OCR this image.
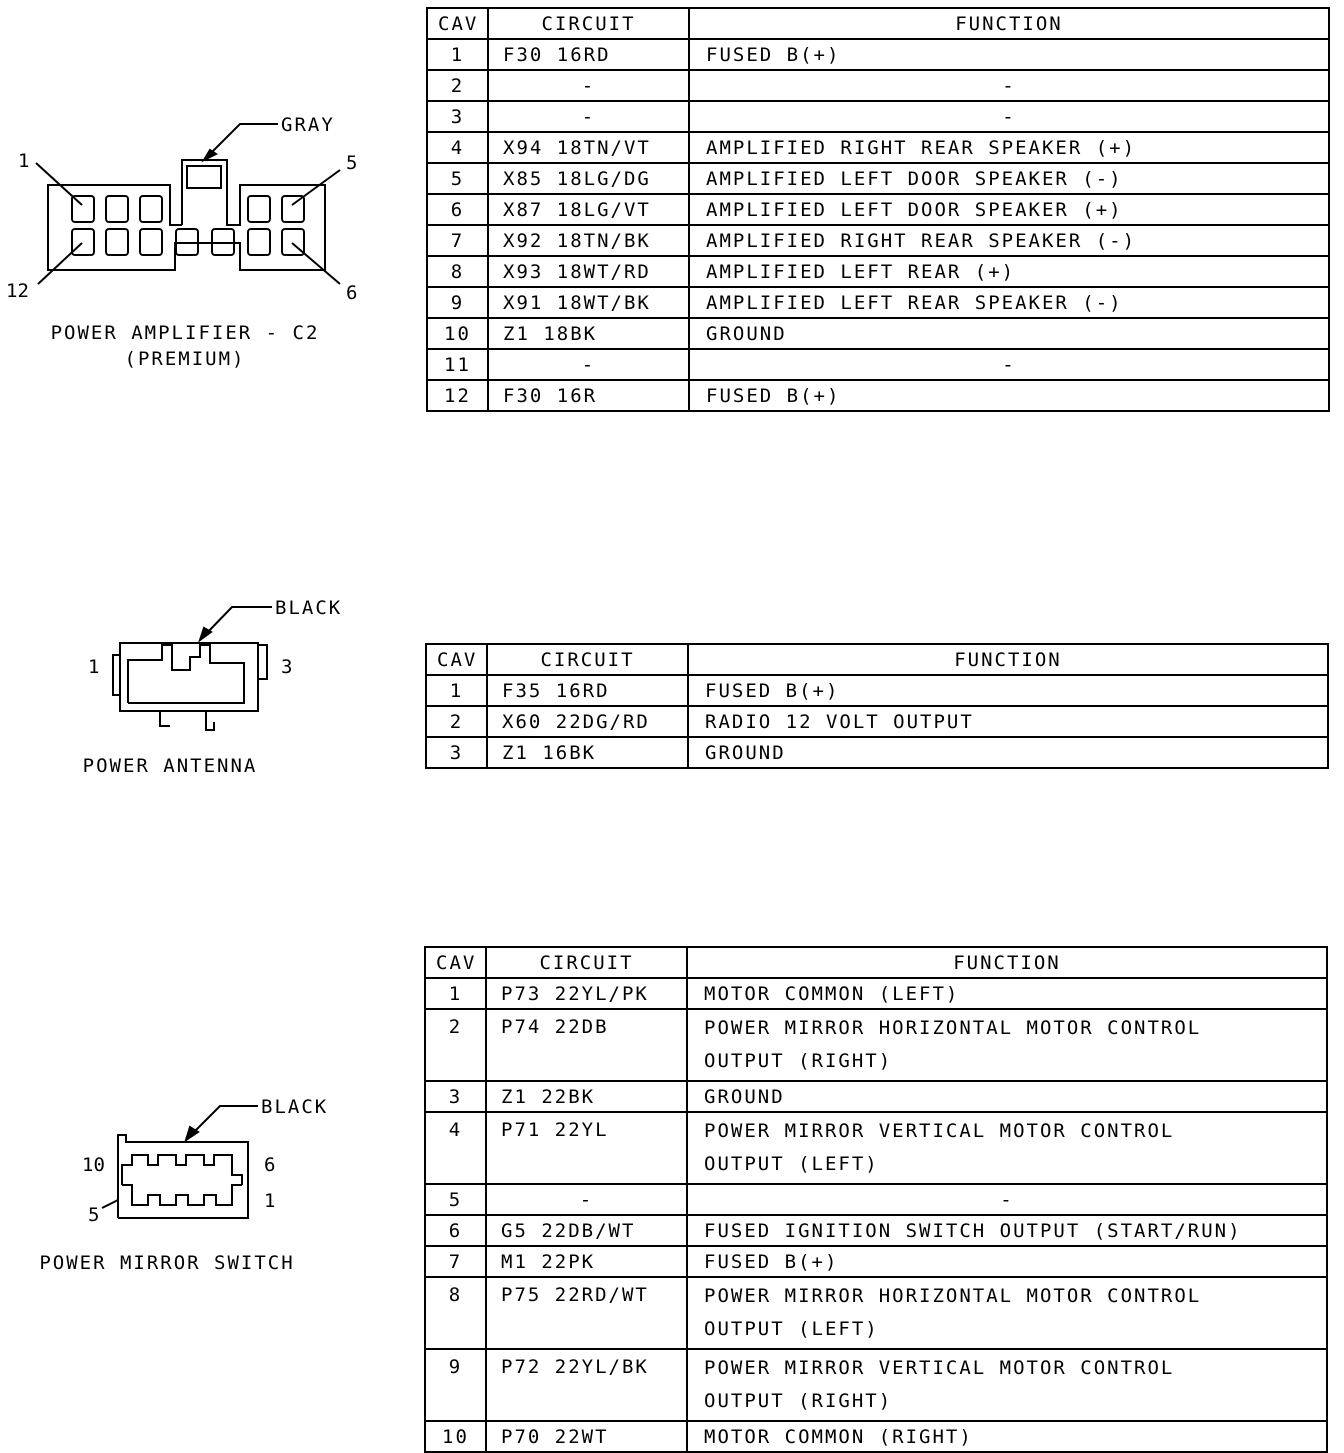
GRAY
1	5
12	6
POWER AMPLIFIER - C2
(PREMIUM)
CAV	CIRCUIT	FUNCTION
1	F30 16RD	FUSED B(+)
2	-	-
3	-	-
4	X94 18TN/VT	AMPLIFIED RIGHT REAR SPEAKER (+)
5	X85 18LG/DG	AMPLIFIED LEFT DOOR SPEAKER (-)
6	X87 18LG/VT	AMPLIFIED LEFT DOOR SPEAKER (+)
7	X92 18TN/BK	AMPLIFIED RIGHT REAR SPEAKER (-)
8	X93 18WT/RD	AMPLIFIED LEFT REAR (+)
9	X91 18WT/BK	AMPLIFIED LEFT REAR SPEAKER (-)
10	Z1 18BK	GROUND
11	-	-
12	F30 16R	FUSED B(+)
BLACK
1	3
POWER ANTENNA
CAV	CIRCUIT	FUNCTION
1	F35 16RD	FUSED B(+)
2	X60 22DG/RD	RADIO 12 VOLT OUTPUT
3	Z1 16BK	GROUND
BLACK
10	6
5
1
POWER MIRROR SWITCH
CAV	CIRCUIT	FUNCTION
1	P73 22YL/PK	MOTOR COMMON (LEFT)
2	P74 22DB	POWER MIRROR HORIZONTAL MOTOR CONTROL
OUTPUT (RIGHT)

3	Z1 22BK	GROUND
4	P71 22YL	POWER MIRROR VERTICAL MOTOR CONTROL
OUTPUT (LEFT)

5	-	-
6	G5 22DB/WT	FUSED IGNITION SWITCH OUTPUT (START/RUN)
7	M1 22PK	FUSED B(+)
8	P75 22RD/WT	POWER MIRROR HORIZONTAL MOTOR CONTROL
OUTPUT (LEFT)

9	P72 22YL/BK	POWER MIRROR VERTICAL MOTOR CONTROL
OUTPUT (RIGHT)

10	P70 22WT	MOTOR COMMON (RIGHT)
